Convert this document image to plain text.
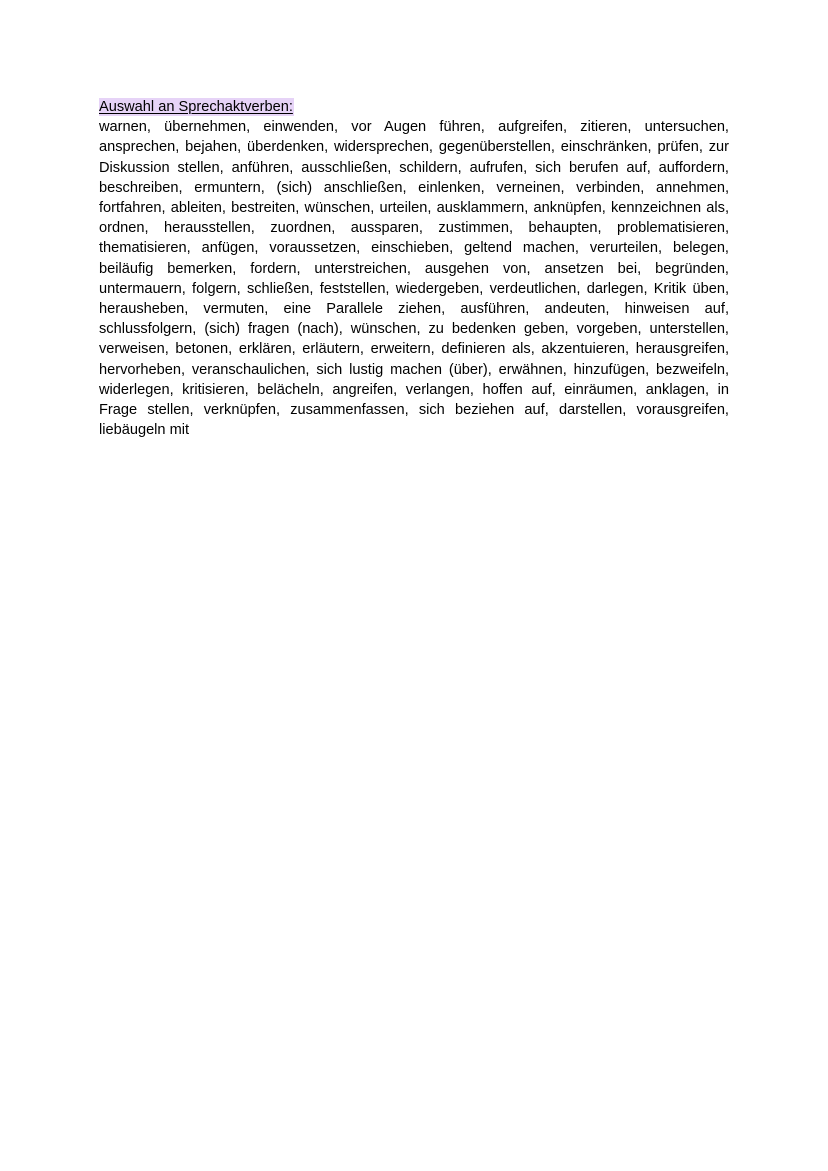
Auswahl an Sprechaktverben:

warnen, übernehmen, einwenden, vor Augen führen, aufgreifen, zitieren, untersuchen, ansprechen, bejahen, überdenken, widersprechen, gegenüberstellen, einschränken, prüfen, zur Diskussion stellen, anführen, ausschließen, schildern, aufrufen, sich berufen auf, auffordern, beschreiben, ermuntern, (sich) anschließen, einlenken, verneinen, verbinden, annehmen, fortfahren, ableiten, bestreiten, wünschen, urteilen, ausklammern, anknüpfen, kennzeichnen als, ordnen, herausstellen, zuordnen, aussparen, zustimmen, behaupten, problematisieren, thematisieren, anfügen, voraussetzen, einschieben, geltend machen, verurteilen, belegen, beiläufig bemerken, fordern, unterstreichen, ausgehen von, ansetzen bei, begründen, untermauern, folgern, schließen, feststellen, wiedergeben, verdeutlichen, darlegen, Kritik üben, herausheben, vermuten, eine Parallele ziehen, ausführen, andeuten, hinweisen auf, schlussfolgern, (sich) fragen (nach), wünschen, zu bedenken geben, vorgeben, unterstellen, verweisen, betonen, erklären, erläutern, erweitern, definieren als, akzentuieren, herausgreifen, hervorheben, veranschaulichen, sich lustig machen (über), erwähnen, hinzufügen, bezweifeln, widerlegen, kritisieren, belächeln, angreifen, verlangen, hoffen auf, einräumen, anklagen, in Frage stellen, verknüpfen, zusammenfassen, sich beziehen auf, darstellen, vorausgreifen, liebäugeln mit
